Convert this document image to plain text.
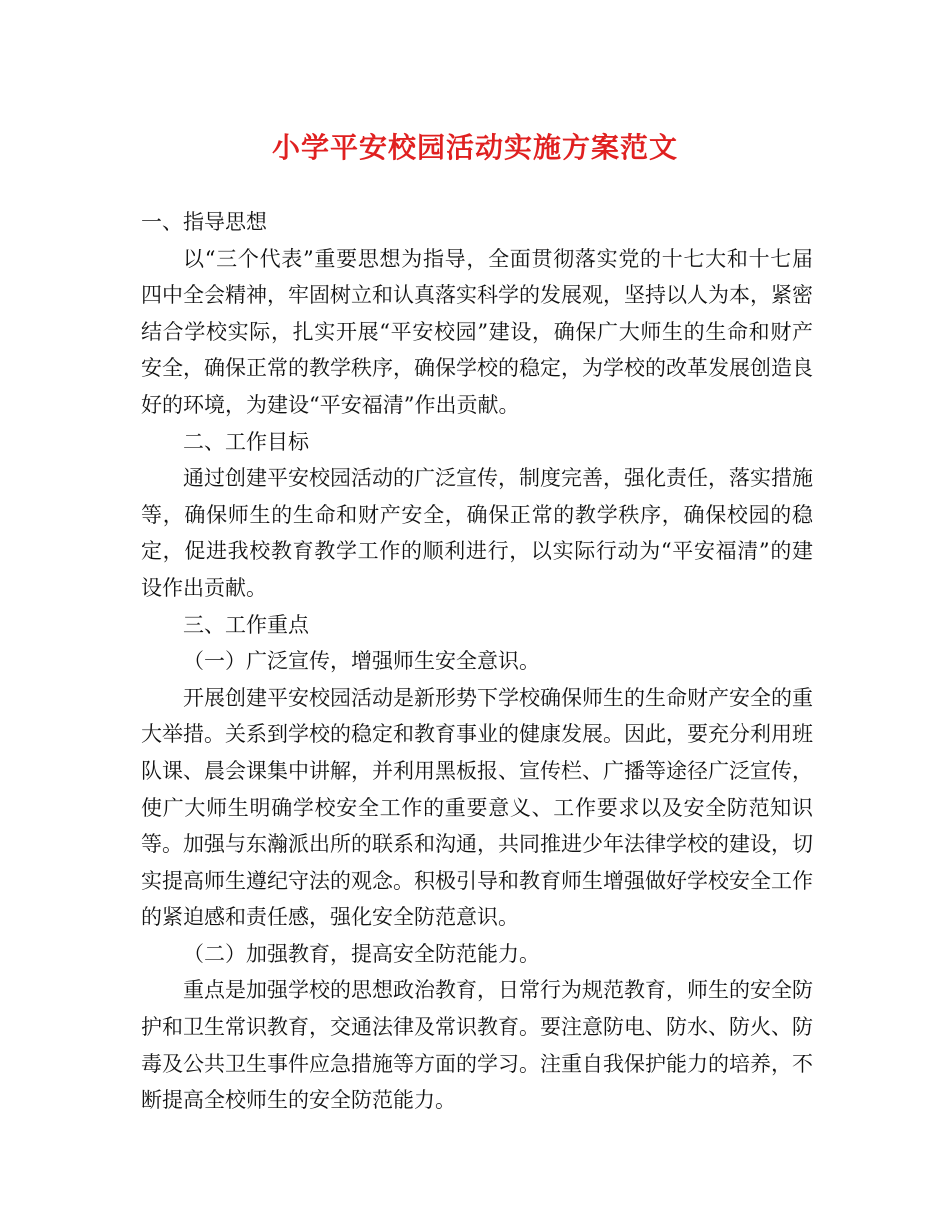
小学平安校园活动实施方案范文

一、指导思想

以“三个代表”重要思想为指导，全面贯彻落实党的十七大和十七届四中全会精神，牢固树立和认真落实科学的发展观，坚持以人为本，紧密结合学校实际，扎实开展“平安校园”建设，确保广大师生的生命和财产安全，确保正常的教学秩序，确保学校的稳定，为学校的改革发展创造良好的环境，为建设“平安福清”作出贡献。

二、工作目标

通过创建平安校园活动的广泛宣传，制度完善，强化责任，落实措施等，确保师生的生命和财产安全，确保正常的教学秩序，确保校园的稳定，促进我校教育教学工作的顺利进行，以实际行动为“平安福清”的建设作出贡献。

三、工作重点

（一）广泛宣传，增强师生安全意识。

开展创建平安校园活动是新形势下学校确保师生的生命财产安全的重大举措。关系到学校的稳定和教育事业的健康发展。因此，要充分利用班队课、晨会课集中讲解，并利用黑板报、宣传栏、广播等途径广泛宣传，使广大师生明确学校安全工作的重要意义、工作要求以及安全防范知识等。加强与东瀚派出所的联系和沟通，共同推进少年法律学校的建设，切实提高师生遵纪守法的观念。积极引导和教育师生增强做好学校安全工作的紧迫感和责任感，强化安全防范意识。

（二）加强教育，提高安全防范能力。

重点是加强学校的思想政治教育，日常行为规范教育，师生的安全防护和卫生常识教育，交通法律及常识教育。要注意防电、防水、防火、防毒及公共卫生事件应急措施等方面的学习。注重自我保护能力的培养，不断提高全校师生的安全防范能力。
